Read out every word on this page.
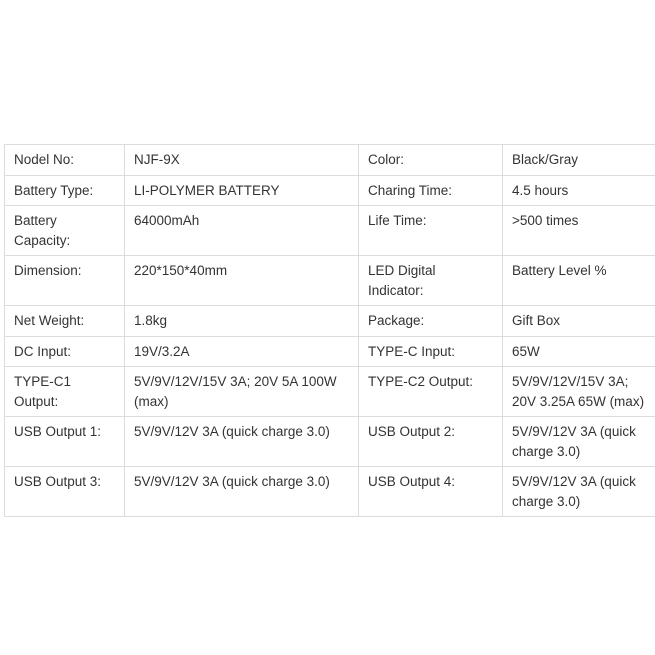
Nodel No:	NJF-9X	Color:	Black/Gray
Battery Type:	LI-POLYMER BATTERY	Charing Time:	4.5 hours
Battery Capacity:	64000mAh	Life Time:	>500 times
Dimension:	220*150*40mm	LED Digital Indicator:	Battery Level %
Net Weight:	1.8kg	Package:	Gift Box
DC Input:	19V/3.2A	TYPE-C Input:	65W
TYPE-C1 Output:	5V/9V/12V/15V 3A; 20V 5A 100W (max)	TYPE-C2 Output:	5V/9V/12V/15V 3A; 20V 3.25A 65W (max)
USB Output 1:	5V/9V/12V 3A (quick charge 3.0)	USB Output 2:	5V/9V/12V 3A (quick charge 3.0)
USB Output 3:	5V/9V/12V 3A (quick charge 3.0)	USB Output 4:	5V/9V/12V 3A (quick charge 3.0)
